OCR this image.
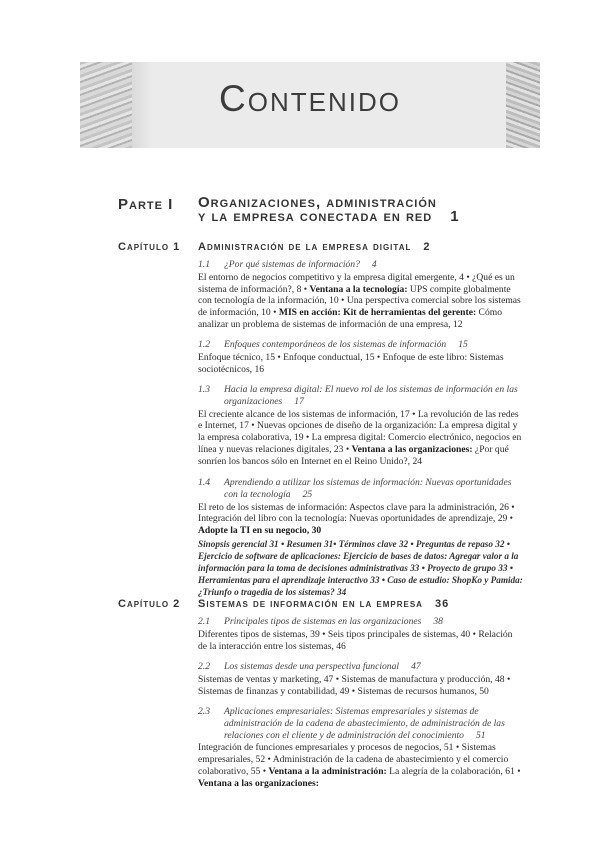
Contenido
Parte I Organizaciones, administración
y la empresa conectada en red 1
Capítulo 1 Administración de la empresa digital 2
1.1 ¿Por qué sistemas de información? 4
El entorno de negocios competitivo y la empresa digital emergente, 4 • ¿Qué es un sistema de información?, 8 • Ventana a la tecnología: UPS compite globalmente con tecnología de la información, 10 • Una perspectiva comercial sobre los sistemas de información, 10 • MIS en acción: Kit de herramientas del gerente: Cómo analizar un problema de sistemas de información de una empresa, 12
1.2 Enfoques contemporáneos de los sistemas de información 15
Enfoque técnico, 15 • Enfoque conductual, 15 • Enfoque de este libro: Sistemas sociotécnicos, 16
1.3 Hacia la empresa digital: El nuevo rol de los sistemas de información en las organizaciones 17
El creciente alcance de los sistemas de información, 17 • La revolución de las redes e Internet, 17 • Nuevas opciones de diseño de la organización: La empresa digital y la empresa colaborativa, 19 • La empresa digital: Comercio electrónico, negocios en línea y nuevas relaciones digitales, 23 • Ventana a las organizaciones: ¿Por qué sonríen los bancos sólo en Internet en el Reino Unido?, 24
1.4 Aprendiendo a utilizar los sistemas de información: Nuevas oportunidades con la tecnología 25
El reto de los sistemas de información: Aspectos clave para la administración, 26 • Integración del libro con la tecnología: Nuevas oportunidades de aprendizaje, 29 • Adopte la TI en su negocio, 30
Sinopsis gerencial 31 • Resumen 31• Términos clave 32 • Preguntas de repaso 32 • Ejercicio de software de aplicaciones: Ejercicio de bases de datos: Agregar valor a la información para la toma de decisiones administrativas 33 • Proyecto de grupo 33 • Herramientas para el aprendizaje interactivo 33 • Caso de estudio: ShopKo y Pamida: ¿Triunfo o tragedia de los sistemas? 34
Capítulo 2 Sistemas de información en la empresa 36
2.1 Principales tipos de sistemas en las organizaciones 38
Diferentes tipos de sistemas, 39 • Seis tipos principales de sistemas, 40 • Relación de la interacción entre los sistemas, 46
2.2 Los sistemas desde una perspectiva funcional 47
Sistemas de ventas y marketing, 47 • Sistemas de manufactura y producción, 48 • Sistemas de finanzas y contabilidad, 49 • Sistemas de recursos humanos, 50
2.3 Aplicaciones empresariales: Sistemas empresariales y sistemas de administración de la cadena de abastecimiento, de administración de las relaciones con el cliente y de administración del conocimiento 51
Integración de funciones empresariales y procesos de negocios, 51 • Sistemas empresariales, 52 • Administración de la cadena de abastecimiento y el comercio colaborativo, 55 • Ventana a la administración: La alegría de la colaboración, 61 • Ventana a las organizaciones:
